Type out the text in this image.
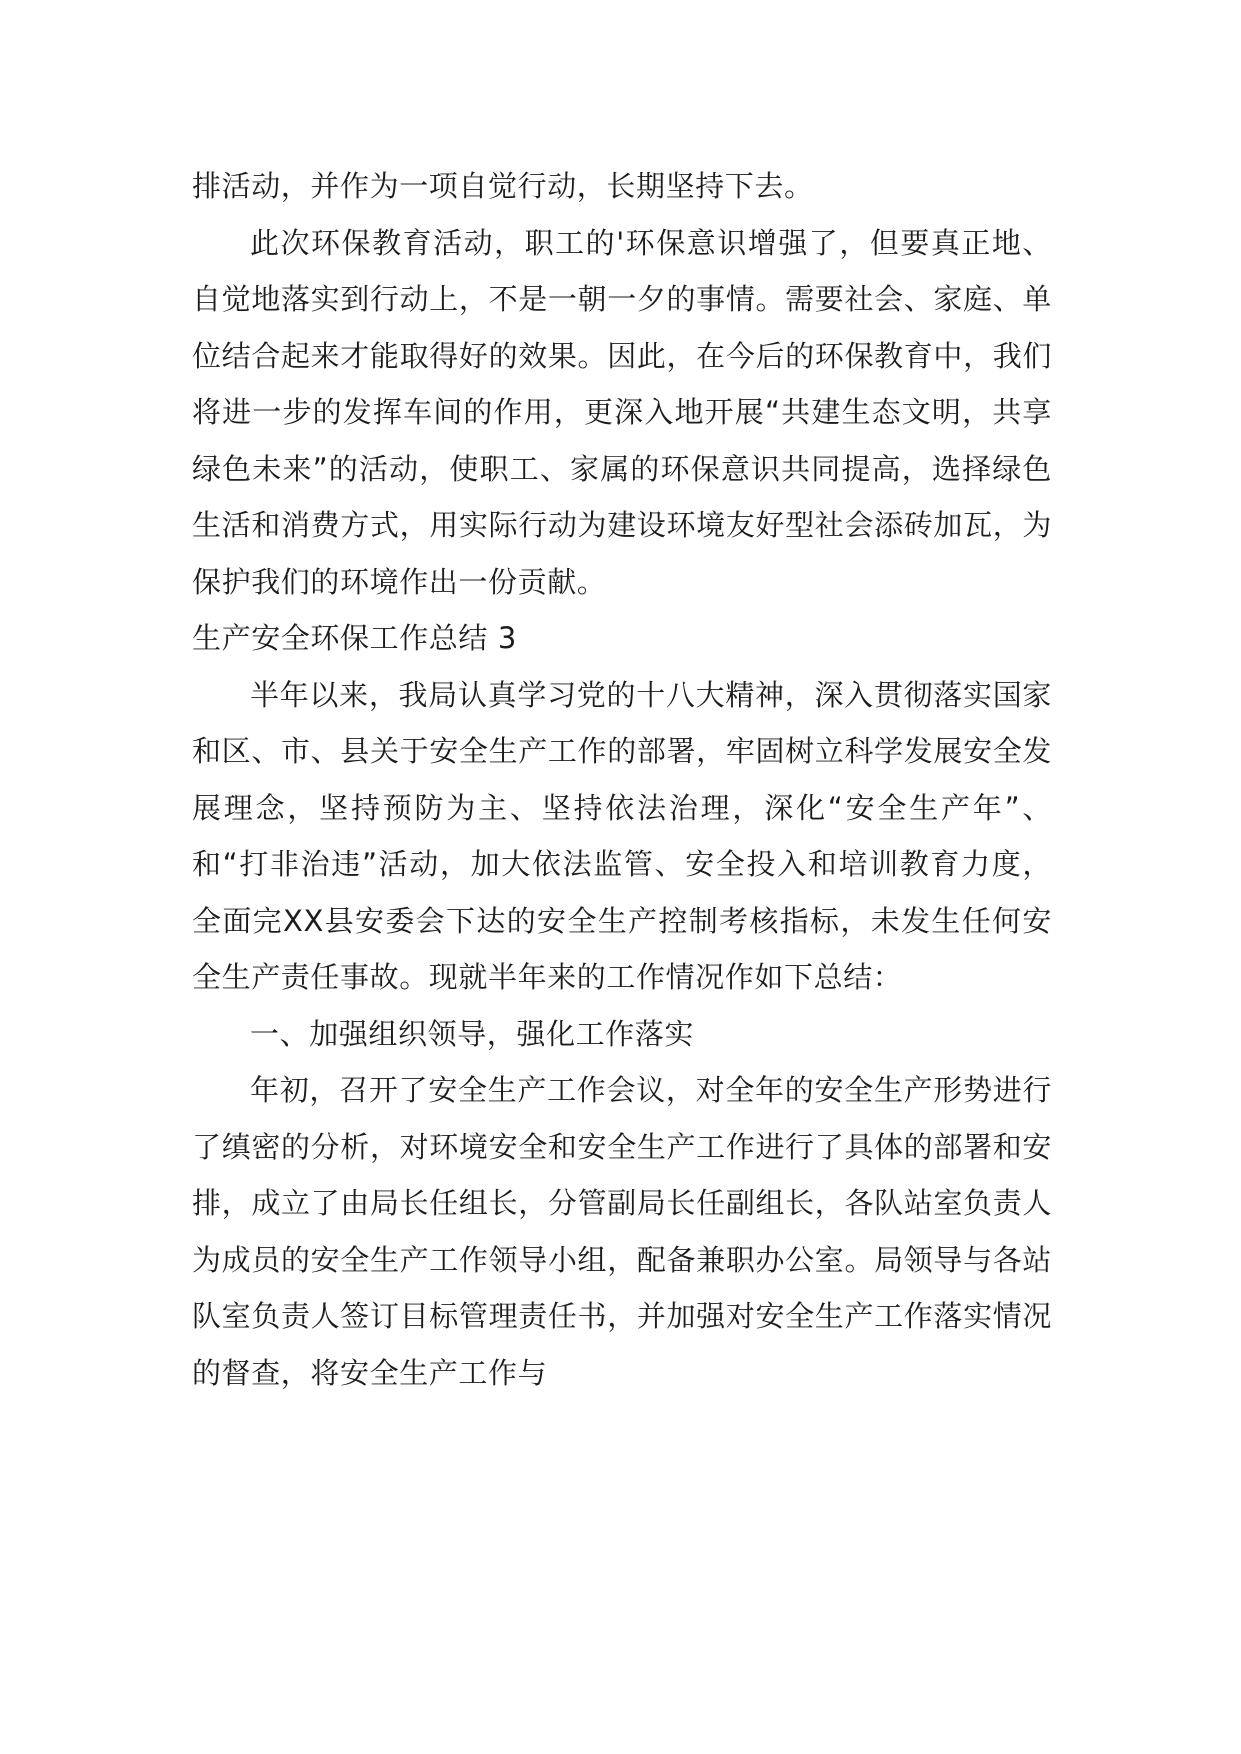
排活动，并作为一项自觉行动，长期坚持下去。

此次环保教育活动，职工的'环保意识增强了，但要真正地、自觉地落实到行动上，不是一朝一夕的事情。需要社会、家庭、单位结合起来才能取得好的效果。因此，在今后的环保教育中，我们将进一步的发挥车间的作用，更深入地开展“共建生态文明，共享绿色未来”的活动，使职工、家属的环保意识共同提高，选择绿色生活和消费方式，用实际行动为建设环境友好型社会添砖加瓦，为保护我们的环境作出一份贡献。

生产安全环保工作总结 3

半年以来，我局认真学习党的十八大精神，深入贯彻落实国家和区、市、县关于安全生产工作的部署，牢固树立科学发展安全发展理念，坚持预防为主、坚持依法治理，深化“安全生产年”、和“打非治违”活动，加大依法监管、安全投入和培训教育力度，全面完XX县安委会下达的安全生产控制考核指标，未发生任何安全生产责任事故。现就半年来的工作情况作如下总结：

一、加强组织领导，强化工作落实

年初，召开了安全生产工作会议，对全年的安全生产形势进行了缜密的分析，对环境安全和安全生产工作进行了具体的部署和安排，成立了由局长任组长，分管副局长任副组长，各队站室负责人为成员的安全生产工作领导小组，配备兼职办公室。局领导与各站队室负责人签订目标管理责任书，并加强对安全生产工作落实情况的督查，将安全生产工作与
